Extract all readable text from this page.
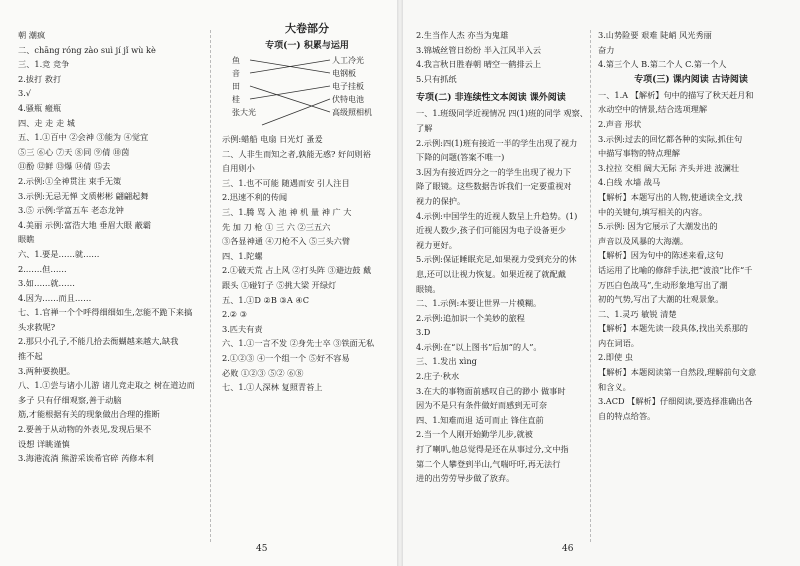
朝 潮疯
二、chāng róng zào suì jí jǐ wù kè
三、1.竞 竞争
2.拔打 救打
3.√
4.骚瓶 瘢瓶
四、走 走 走 城
五、1.①百中 ②会神 ③能为 ④觉宜
⑤三 ⑥心 ⑦天 ⑧同 ⑨倩 ⑩茵
⑪酚 ⑫鲜 ⑬爆 ⑭倩 ⑮去
2.示例:①全神贯注 束手无策
3.示例:无忌无惮 文质彬彬 翩翩起舞
3.⑤ 示例:学富五车 老态龙钟
4.美丽 示例:富浩大地 垂眉大眼 蔽霸
眼瞧
六、1.要是……就……
2.……但……
3.如……就……
4.因为……而且……
七、1.官禅一个个呼得细细如生,怎能不跪下来搞
头求救呢?
2.那只小孔子,不能几拾去衙蝴越来越大,缺我
推不起
3.两种要换肥。
八、1.①尝与诸小儿游 诸儿竞走取之 树在道边而
多子 只有仔细观察,善于动脑
筋,才能根据有关的现象做出合理的推断
2.要善于从动物的外表见,发现后果不
设想 详眺谨慎
3.海港流淌 熊游采诶希官碎 芮修本利
大卷部分
专项(一) 积累与运用
鱼
音
田
桂
张大光
人工冷光
电钢板
电子挂板
伏特电池
高级照相机
示例:蜡船 电扇 日光灯 蚤爰
二、人非生而知之者,孰能无惑? 好问则裕
自用则小
三、1.也不可能 随遇而安 引人注目
2.迅速不利的传闻
三、1.腾 骂 入 池 神 机 量 神 广 大
先 加 刀 枪 ① 三 六 ②三五六
③各显神通 ④刀枪不入 ⑤三头六臂
四、1.陀螺
2.①破天荒 占上风 ②打头阵 ③避边鼓 戴
跟头 ①碰钉子 ⑤挑大梁 开绿灯
五、1.①D ②B ③A ④C
2.② ③
3.匹夫有责
六、1.①一言不发 ②身先士卒 ③铁面无私
2.①②③ ④一个组一个 ⑤好不容易
必败 ①②③ ⑤② ⑥⑧
七、1.①人深林 复照青苔上
2.生当作人杰 亦当为鬼雄
3.锦城丝管日纷纷 半入江风半入云
4.我言秋日胜春朝 晴空一鹤排云上
5.只有抓纸
专项(二) 非连续性文本阅读 课外阅读
一、1.班级同学近视情况 四(1)班的同学 观察、
了解
2.示例:四(1)班有接近一半的学生出现了视力
下降的问题(答案不唯一)
3.因为有接近四分之一的学生出现了视力下
降了眼镜。这些数据告诉我们一定要重视对
视力的保护。
4.示例:中国学生的近视人数呈上升趋势。(1)
近视人数少,孩子们可能因为电子设备更少
视力更好。
5.示例:保证睡眠充足,如果视力受到充分的休
息,还可以让视力恢复。如果近视了就配戴
眼镜。
二、1.示例:本要让世界一片模糊。
2.示例:追加识一个美妙的旅程
3.D
4.示例:在“以上图书”后加“的人”。
三、1.发出 xìng
2.庄子·秋水
3.在大的事物面前感叹自己的渺小 做事时
因为不是只有条件做好而感到无可奈
四、1.知难而退 适可而止 锋住直前
2.当一个人刚开始勤学儿步,就被
打了喇叭,他总觉得是还在从事过分,文中指
第二个人攀登到半山,气喘吁吁,再无法行
进的出劳劳导步做了放弃。
3.山势险要 艰难 陡峭 风光秀丽
奋力
4.第三个人 B.第二个人 C.第一个人
专项(三) 课内阅读 古诗阅读
一、1.A 【解析】句中的描写了秋天赶月和
水动空中的情景,结合选项理解
2.声音 形状
3.示例:过去的回忆都各种的实际,抓住句
中描写事物的特点理解
3.拉拉 交相 阔大无际 齐头并进 波澜壮
4.白线 水墙 战马
【解析】本题写出的人物,使通读全文,找
中的关键句,填写相关的内容。
5.示例: 因为它展示了大潮发出的
声音以及风暴的大海潮。
【解析】因为句中的陈述来看,这句
话运用了比喻的修辞手法,把“波浪”比作“千
万匹白色战马”,生动形象地写出了潮
初的气势,写出了大潮的壮观景象。
二、1.灵巧 敏锐 清楚
【解析】本题先读一段具体,找出关系那的
内在词语。
2.即使 虫
【解析】本题阅读第一自然段,理解前句文意
和含义。
3.ACD 【解析】仔细阅读,要选择准确出各
自的特点给答。
45	46
